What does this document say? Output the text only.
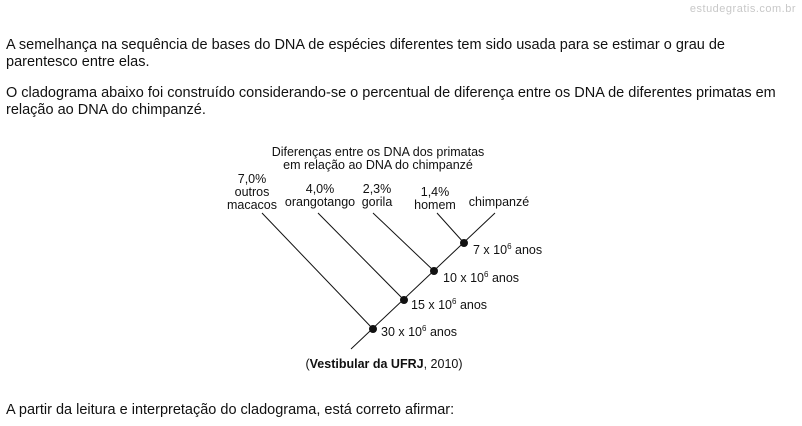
estudegratis.com.br

A semelhança na sequência de bases do DNA de espécies diferentes tem sido usada para se estimar o grau de parentesco entre elas.

O cladograma abaixo foi construído considerando-se o percentual de diferença entre os DNA de diferentes primatas em relação ao DNA do chimpanzé.

Diferenças entre os DNA dos primatas
em relação ao DNA do chimpanzé
7,0%
outros
macacos
4,0%
orangotango
2,3%
gorila
1,4%
homem chimpanzé
7 x $10^6$ anos
10 x $10^6$ anos
15 x $10^6$ anos
30 x $10^6$ anos
(Vestibular da UFRJ, 2010)

A partir da leitura e interpretação do cladograma, está correto afirmar:
